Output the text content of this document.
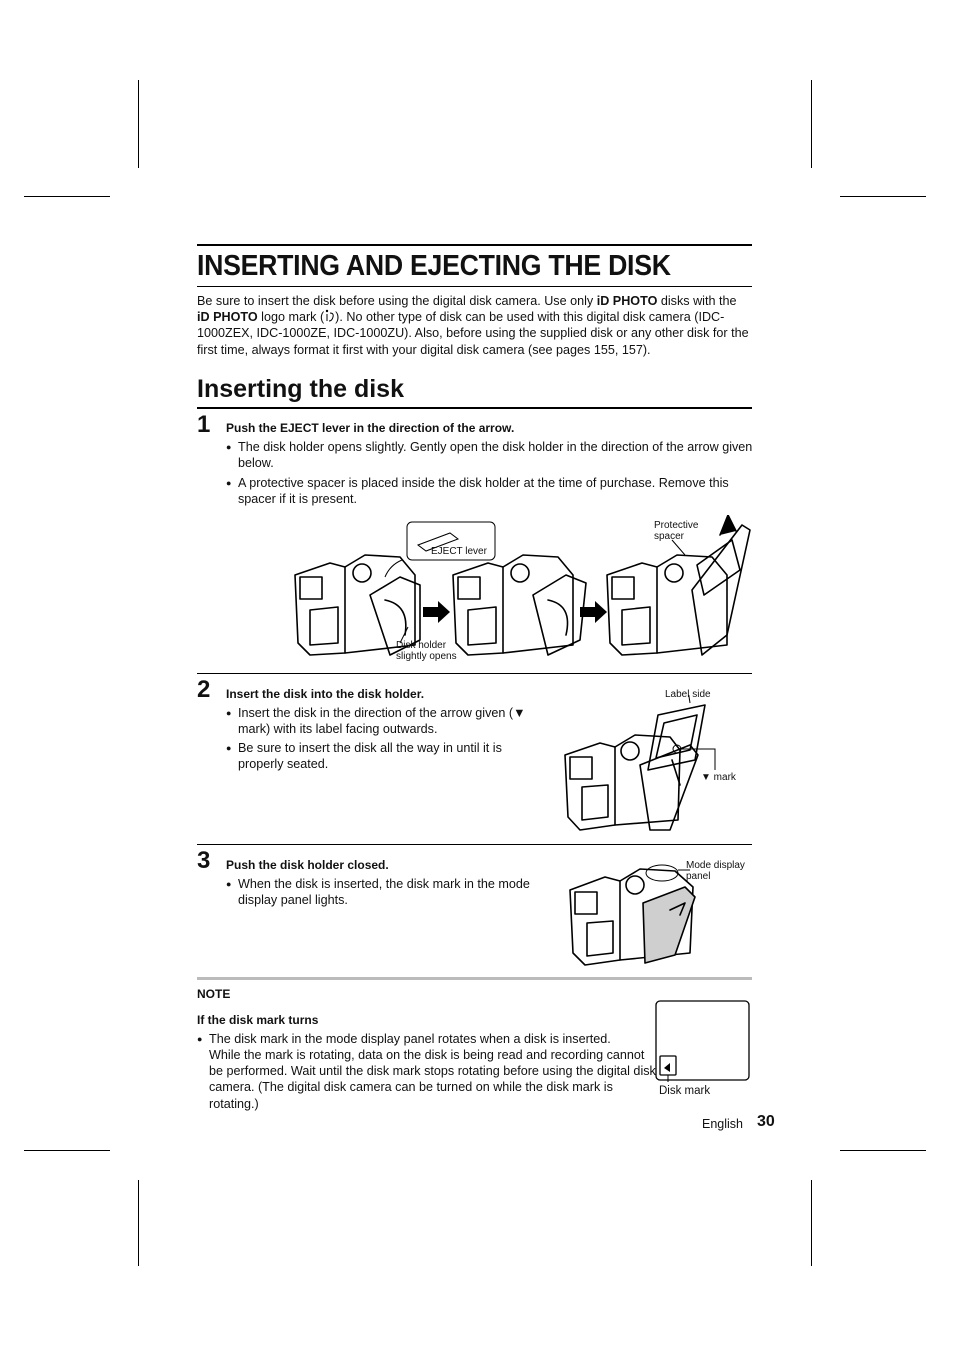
INSERTING AND EJECTING THE DISK
Be sure to insert the disk before using the digital disk camera. Use only iD PHOTO disks with the
iD PHOTO logo mark ( ). No other type of disk can be used with this digital disk camera (IDC-1000ZEX, IDC-1000ZE, IDC-1000ZU). Also, before using the supplied disk or any other disk for the first time, always format it first with your digital disk camera (see pages 155, 157).
Inserting the disk
1 Push the EJECT lever in the direction of the arrow.
● The disk holder opens slightly. Gently open the disk holder in the direction of the arrow given below.
● A protective spacer is placed inside the disk holder at the time of purchase. Remove this spacer if it is present.
EJECT lever
Protective
spacer
Disk holder
slightly opens
2 Insert the disk into the disk holder.
● Insert the disk in the direction of the arrow given (▼ mark) with its label facing outwards.
● Be sure to insert the disk all the way in until it is properly seated.
Label side
▼ mark
3 Push the disk holder closed.
● When the disk is inserted, the disk mark in the mode display panel lights.
Mode display
panel
NOTE
If the disk mark turns
● The disk mark in the mode display panel rotates when a disk is inserted.
While the mark is rotating, data on the disk is being read and recording cannot be performed. Wait until the disk mark stops rotating before using the digital disk camera. (The digital disk camera can be turned on while the disk mark is rotating.)
Disk mark
English 30
